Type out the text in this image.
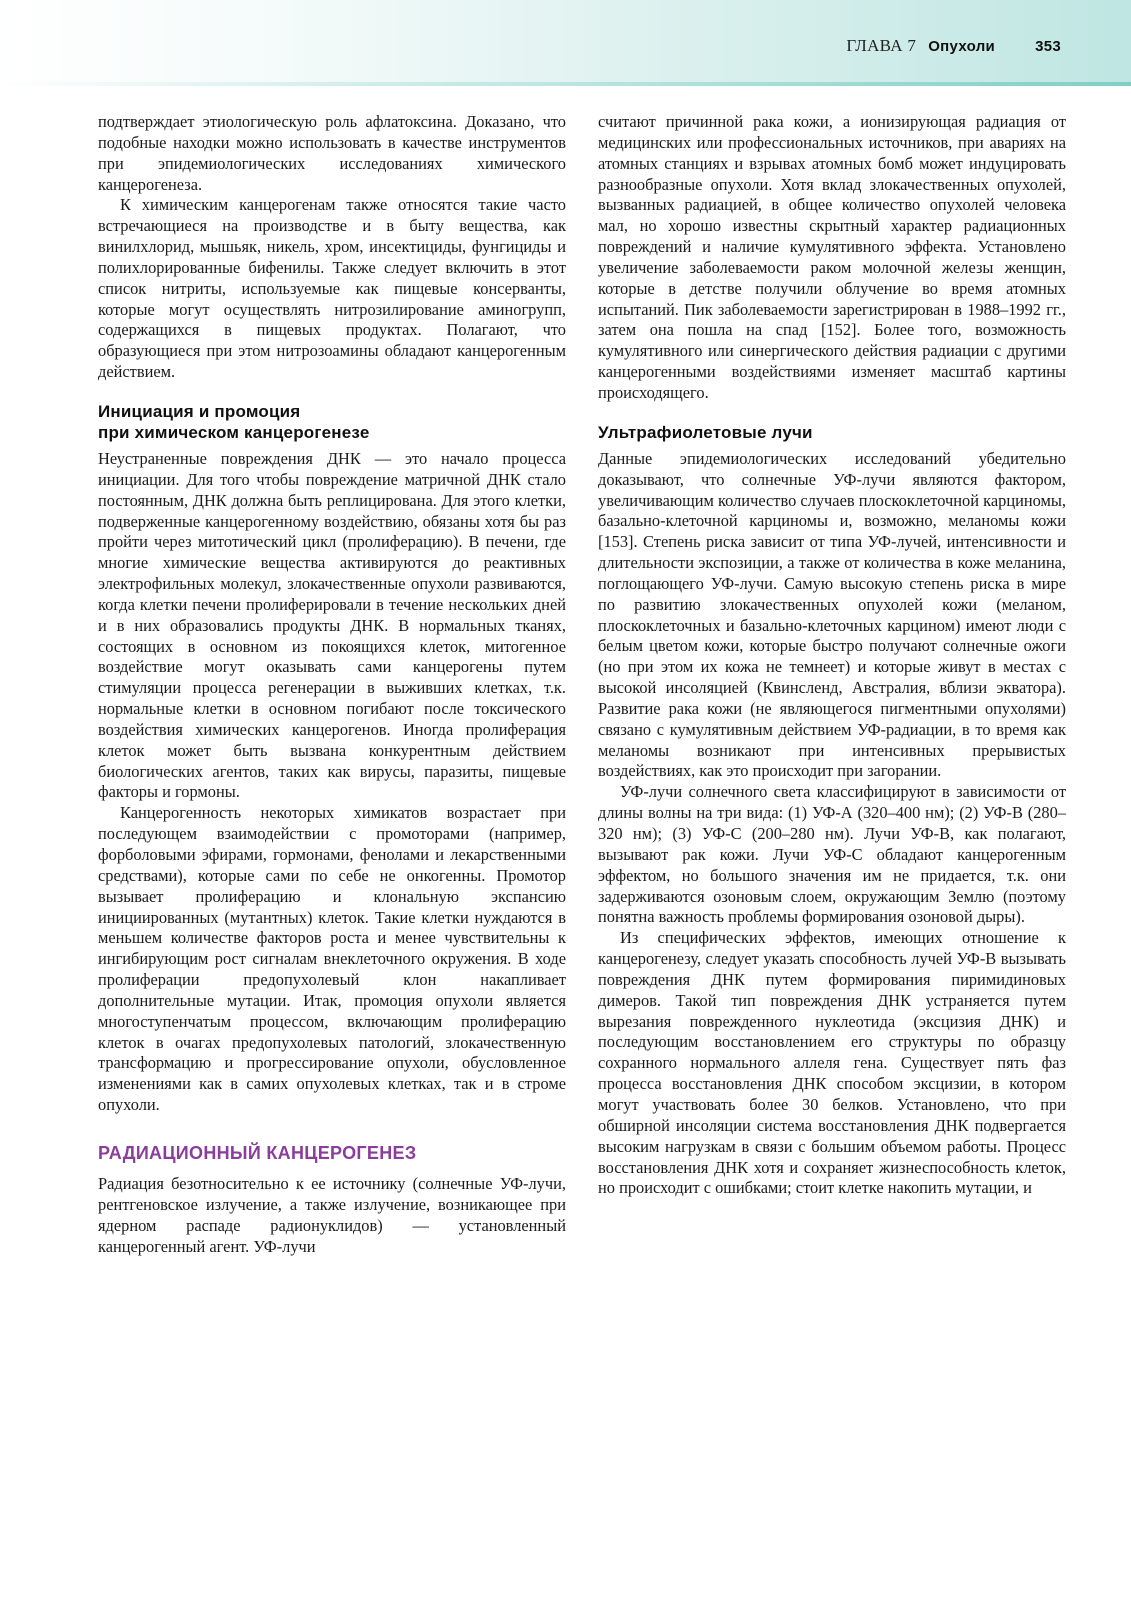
ГЛАВА 7 Опухоли	353

подтверждает этиологическую роль афлатоксина. Доказано, что подобные находки можно использовать в качестве инструментов при эпидемиологических исследованиях химического канцерогенеза.

К химическим канцерогенам также относятся такие часто встречающиеся на производстве и в быту вещества, как винилхлорид, мышьяк, никель, хром, инсектициды, фунгициды и полихлорированные бифенилы. Также следует включить в этот список нитриты, используемые как пищевые консерванты, которые могут осуществлять нитрозилирование аминогрупп, содержащихся в пищевых продуктах. Полагают, что образующиеся при этом нитрозоамины обладают канцерогенным действием.

Инициация и промоция
при химическом канцерогенезе

Неустраненные повреждения ДНК — это начало процесса инициации. Для того чтобы повреждение матричной ДНК стало постоянным, ДНК должна быть реплицирована. Для этого клетки, подверженные канцерогенному воздействию, обязаны хотя бы раз пройти через митотический цикл (пролиферацию). В печени, где многие химические вещества активируются до реактивных электрофильных молекул, злокачественные опухоли развиваются, когда клетки печени пролиферировали в течение нескольких дней и в них образовались продукты ДНК. В нормальных тканях, состоящих в основном из покоящихся клеток, митогенное воздействие могут оказывать сами канцерогены путем стимуляции процесса регенерации в выживших клетках, т.к. нормальные клетки в основном погибают после токсического воздействия химических канцерогенов. Иногда пролиферация клеток может быть вызвана конкурентным действием биологических агентов, таких как вирусы, паразиты, пищевые факторы и гормоны.

Канцерогенность некоторых химикатов возрастает при последующем взаимодействии с промоторами (например, форболовыми эфирами, гормонами, фенолами и лекарственными средствами), которые сами по себе не онкогенны. Промотор вызывает пролиферацию и клональную экспансию инициированных (мутантных) клеток. Такие клетки нуждаются в меньшем количестве факторов роста и менее чувствительны к ингибирующим рост сигналам внеклеточного окружения. В ходе пролиферации предопухолевый клон накапливает дополнительные мутации. Итак, промоция опухоли является многоступенчатым процессом, включающим пролиферацию клеток в очагах предопухолевых патологий, злокачественную трансформацию и прогрессирование опухоли, обусловленное изменениями как в самих опухолевых клетках, так и в строме опухоли.

РАДИАЦИОННЫЙ КАНЦЕРОГЕНЕЗ

Радиация безотносительно к ее источнику (солнечные УФ-лучи, рентгеновское излучение, а также излучение, возникающее при ядерном распаде радионуклидов) — установленный канцерогенный агент. УФ-лучи

считают причинной рака кожи, а ионизирующая радиация от медицинских или профессиональных источников, при авариях на атомных станциях и взрывах атомных бомб может индуцировать разнообразные опухоли. Хотя вклад злокачественных опухолей, вызванных радиацией, в общее количество опухолей человека мал, но хорошо известны скрытный характер радиационных повреждений и наличие кумулятивного эффекта. Установлено увеличение заболеваемости раком молочной железы женщин, которые в детстве получили облучение во время атомных испытаний. Пик заболеваемости зарегистрирован в 1988–1992 гг., затем она пошла на спад [152]. Более того, возможность кумулятивного или синергического действия радиации с другими канцерогенными воздействиями изменяет масштаб картины происходящего.

Ультрафиолетовые лучи

Данные эпидемиологических исследований убедительно доказывают, что солнечные УФ-лучи являются фактором, увеличивающим количество случаев плоскоклеточной карциномы, базально-клеточной карциномы и, возможно, меланомы кожи [153]. Степень риска зависит от типа УФ-лучей, интенсивности и длительности экспозиции, а также от количества в коже меланина, поглощающего УФ-лучи. Самую высокую степень риска в мире по развитию злокачественных опухолей кожи (меланом, плоскоклеточных и базально-клеточных карцином) имеют люди с белым цветом кожи, которые быстро получают солнечные ожоги (но при этом их кожа не темнеет) и которые живут в местах с высокой инсоляцией (Квинсленд, Австралия, вблизи экватора). Развитие рака кожи (не являющегося пигментными опухолями) связано с кумулятивным действием УФ-радиации, в то время как меланомы возникают при интенсивных прерывистых воздействиях, как это происходит при загорании.

УФ-лучи солнечного света классифицируют в зависимости от длины волны на три вида: (1) УФ-А (320–400 нм); (2) УФ-В (280–320 нм); (3) УФ-С (200–280 нм). Лучи УФ-В, как полагают, вызывают рак кожи. Лучи УФ-С обладают канцерогенным эффектом, но большого значения им не придается, т.к. они задерживаются озоновым слоем, окружающим Землю (поэтому понятна важность проблемы формирования озоновой дыры).

Из специфических эффектов, имеющих отношение к канцерогенезу, следует указать способность лучей УФ-В вызывать повреждения ДНК путем формирования пиримидиновых димеров. Такой тип повреждения ДНК устраняется путем вырезания поврежденного нуклеотида (эксцизия ДНК) и последующим восстановлением его структуры по образцу сохранного нормального аллеля гена. Существует пять фаз процесса восстановления ДНК способом эксцизии, в котором могут участвовать более 30 белков. Установлено, что при обширной инсоляции система восстановления ДНК подвергается высоким нагрузкам в связи с большим объемом работы. Процесс восстановления ДНК хотя и сохраняет жизнеспособность клеток, но происходит с ошибками; стоит клетке накопить мутации, и
